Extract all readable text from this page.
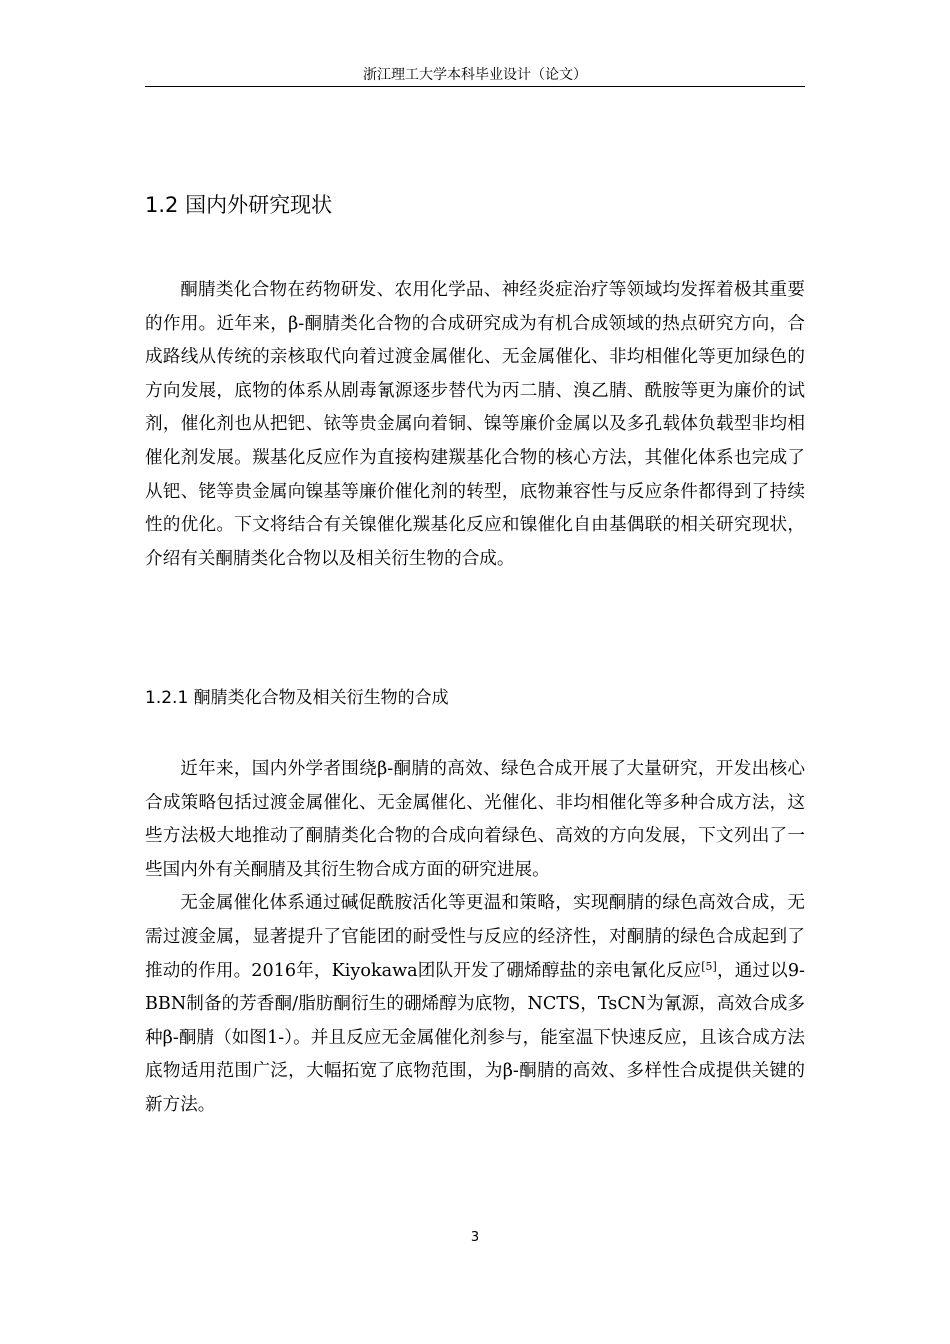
浙江理工大学本科毕业设计（论文）
1.2 国内外研究现状

酮腈类化合物在药物研发、农用化学品、神经炎症治疗等领域均发挥着极其重要的作用。近年来，β-酮腈类化合物的合成研究成为有机合成领域的热点研究方向，合成路线从传统的亲核取代向着过渡金属催化、无金属催化、非均相催化等更加绿色的方向发展，底物的体系从剧毒氰源逐步替代为丙二腈、溴乙腈、酰胺等更为廉价的试剂，催化剂也从把钯、铱等贵金属向着铜、镍等廉价金属以及多孔载体负载型非均相催化剂发展。羰基化反应作为直接构建羰基化合物的核心方法，其催化体系也完成了从钯、铑等贵金属向镍基等廉价催化剂的转型，底物兼容性与反应条件都得到了持续性的优化。下文将结合有关镍催化羰基化反应和镍催化自由基偶联的相关研究现状，介绍有关酮腈类化合物以及相关衍生物的合成。

1.2.1 酮腈类化合物及相关衍生物的合成

近年来，国内外学者围绕β-酮腈的高效、绿色合成开展了大量研究，开发出核心合成策略包括过渡金属催化、无金属催化、光催化、非均相催化等多种合成方法，这些方法极大地推动了酮腈类化合物的合成向着绿色、高效的方向发展，下文列出了一些国内外有关酮腈及其衍生物合成方面的研究进展。

无金属催化体系通过碱促酰胺活化等更温和策略，实现酮腈的绿色高效合成，无需过渡金属，显著提升了官能团的耐受性与反应的经济性，对酮腈的绿色合成起到了推动的作用。2016年，Kiyokawa团队开发了硼烯醇盐的亲电氰化反应[5]，通过以9-BBN制备的芳香酮/脂肪酮衍生的硼烯醇为底物，NCTS，TsCN为氰源，高效合成多种β-酮腈（如图1-）。并且反应无金属催化剂参与，能室温下快速反应，且该合成方法底物适用范围广泛，大幅拓宽了底物范围，为β-酮腈的高效、多样性合成提供关键的新方法。

3
